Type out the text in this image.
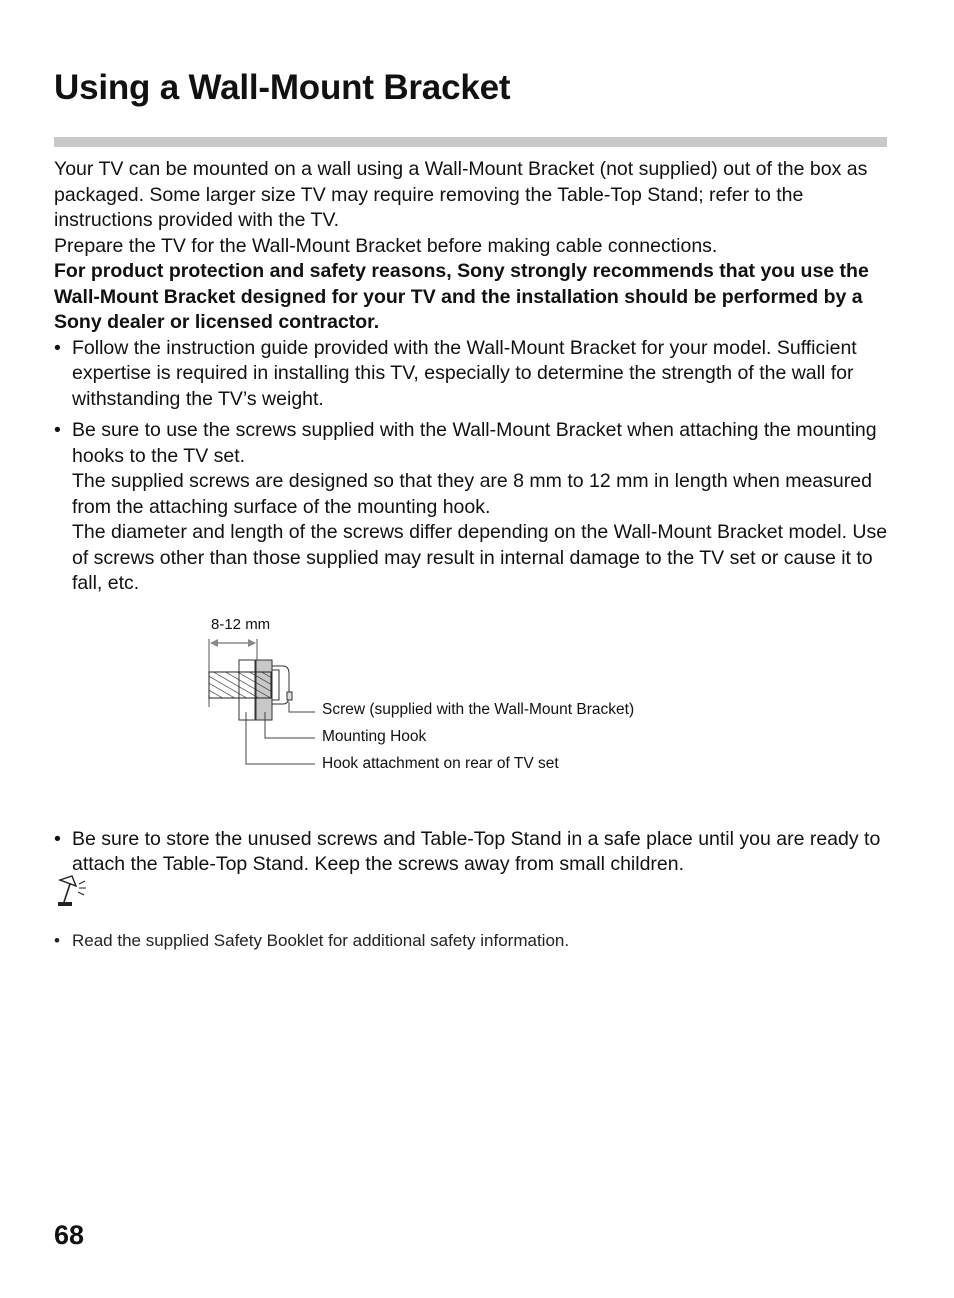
Using a Wall-Mount Bracket

Your TV can be mounted on a wall using a Wall-Mount Bracket (not supplied) out of the box as packaged. Some larger size TV may require removing the Table-Top Stand; refer to the instructions provided with the TV.

Prepare the TV for the Wall-Mount Bracket before making cable connections.

For product protection and safety reasons, Sony strongly recommends that you use the Wall-Mount Bracket designed for your TV and the installation should be performed by a Sony dealer or licensed contractor.

• Follow the instruction guide provided with the Wall-Mount Bracket for your model. Sufficient expertise is required in installing this TV, especially to determine the strength of the wall for withstanding the TV’s weight.

• Be sure to use the screws supplied with the Wall-Mount Bracket when attaching the mounting hooks to the TV set.

The supplied screws are designed so that they are 8 mm to 12 mm in length when measured from the attaching surface of the mounting hook.

The diameter and length of the screws differ depending on the Wall-Mount Bracket model. Use of screws other than those supplied may result in internal damage to the TV set or cause it to fall, etc.

8-12 mm
Screw (supplied with the Wall-Mount Bracket)
Mounting Hook
Hook attachment on rear of TV set

• Be sure to store the unused screws and Table-Top Stand in a safe place until you are ready to attach the Table-Top Stand. Keep the screws away from small children.

• Read the supplied Safety Booklet for additional safety information.

68
